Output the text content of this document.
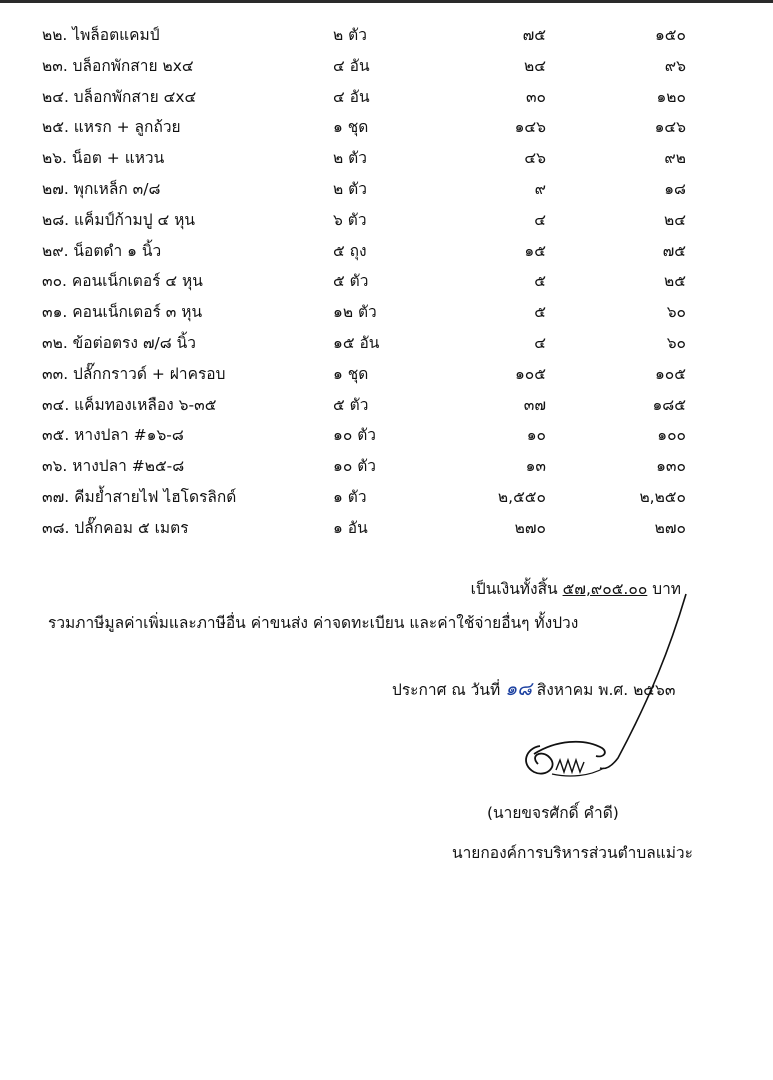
๒๒. ไพล็อตแคมป์	๒ ตัว	๗๕	๑๕๐
๒๓. บล็อกพักสาย ๒x๔	๔ อัน	๒๔	๙๖
๒๔. บล็อกพักสาย ๔x๔	๔ อัน	๓๐	๑๒๐
๒๕. แหรก + ลูกถ้วย	๑ ชุด	๑๔๖	๑๔๖
๒๖. น็อต + แหวน	๒ ตัว	๔๖	๙๒
๒๗. พุกเหล็ก ๓/๘	๒ ตัว	๙	๑๘
๒๘. แค็มป์ก้ามปู ๔ หุน	๖ ตัว	๔	๒๔
๒๙. น็อตดำ ๑ นิ้ว	๕ ถุง	๑๕	๗๕
๓๐. คอนเน็กเตอร์ ๔ หุน	๕ ตัว	๕	๒๕
๓๑. คอนเน็กเตอร์ ๓ หุน	๑๒ ตัว	๕	๖๐
๓๒. ข้อต่อตรง ๗/๘ นิ้ว	๑๕ อัน	๔	๖๐
๓๓. ปลั๊กกราวด์ + ฝาครอบ	๑ ชุด	๑๐๕	๑๐๕
๓๔. แค็มทองเหลือง ๖-๓๕	๕ ตัว	๓๗	๑๘๕
๓๕. หางปลา #๑๖-๘	๑๐ ตัว	๑๐	๑๐๐
๓๖. หางปลา #๒๕-๘	๑๐ ตัว	๑๓	๑๓๐
๓๗. คีมย้ำสายไฟ ไฮโดรลิกด์	๑ ตัว	๒,๕๕๐	๒,๒๕๐
๓๘. ปลั๊กคอม ๕ เมตร	๑ อัน	๒๗๐	๒๗๐
เป็นเงินทั้งสิ้น ๕๗,๙๐๕.๐๐ บาท
รวมภาษีมูลค่าเพิ่มและภาษีอื่น ค่าขนส่ง ค่าจดทะเบียน และค่าใช้จ่ายอื่นๆ ทั้งปวง
ประกาศ ณ วันที่ ๑๘ สิงหาคม พ.ศ. ๒๕๖๓
(นายขจรศักดิ์ คำดี)
นายกองค์การบริหารส่วนตำบลแม่วะ
